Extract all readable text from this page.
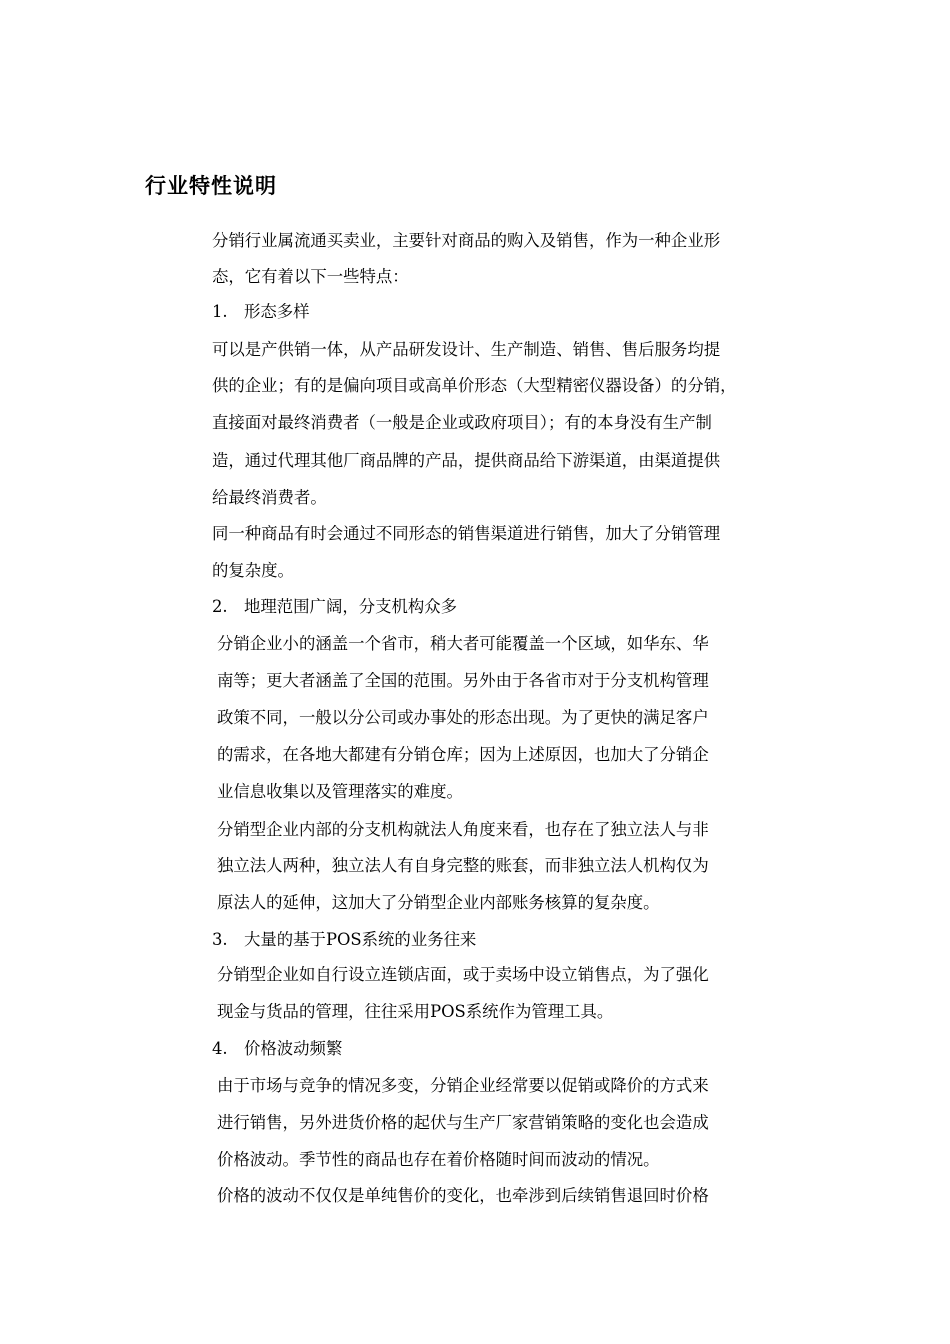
行业特性说明
分销行业属流通买卖业，主要针对商品的购入及销售，作为一种企业形
态，它有着以下一些特点：
1. 形态多样
可以是产供销一体，从产品研发设计、生产制造、销售、售后服务均提
供的企业；有的是偏向项目或高单价形态（大型精密仪器设备）的分销，
直接面对最终消费者（一般是企业或政府项目）；有的本身没有生产制
造，通过代理其他厂商品牌的产品，提供商品给下游渠道，由渠道提供
给最终消费者。
同一种商品有时会通过不同形态的销售渠道进行销售，加大了分销管理
的复杂度。
2. 地理范围广阔，分支机构众多
分销企业小的涵盖一个省市，稍大者可能覆盖一个区域，如华东、华
南等；更大者涵盖了全国的范围。另外由于各省市对于分支机构管理
政策不同，一般以分公司或办事处的形态出现。为了更快的满足客户
的需求，在各地大都建有分销仓库；因为上述原因，也加大了分销企
业信息收集以及管理落实的难度。
分销型企业内部的分支机构就法人角度来看，也存在了独立法人与非
独立法人两种，独立法人有自身完整的账套，而非独立法人机构仅为
原法人的延伸，这加大了分销型企业内部账务核算的复杂度。
3. 大量的基于POS系统的业务往来
分销型企业如自行设立连锁店面，或于卖场中设立销售点，为了强化
现金与货品的管理，往往采用POS系统作为管理工具。
4. 价格波动频繁
由于市场与竞争的情况多变，分销企业经常要以促销或降价的方式来
进行销售，另外进货价格的起伏与生产厂家营销策略的变化也会造成
价格波动。季节性的商品也存在着价格随时间而波动的情况。
价格的波动不仅仅是单纯售价的变化，也牵涉到后续销售退回时价格
